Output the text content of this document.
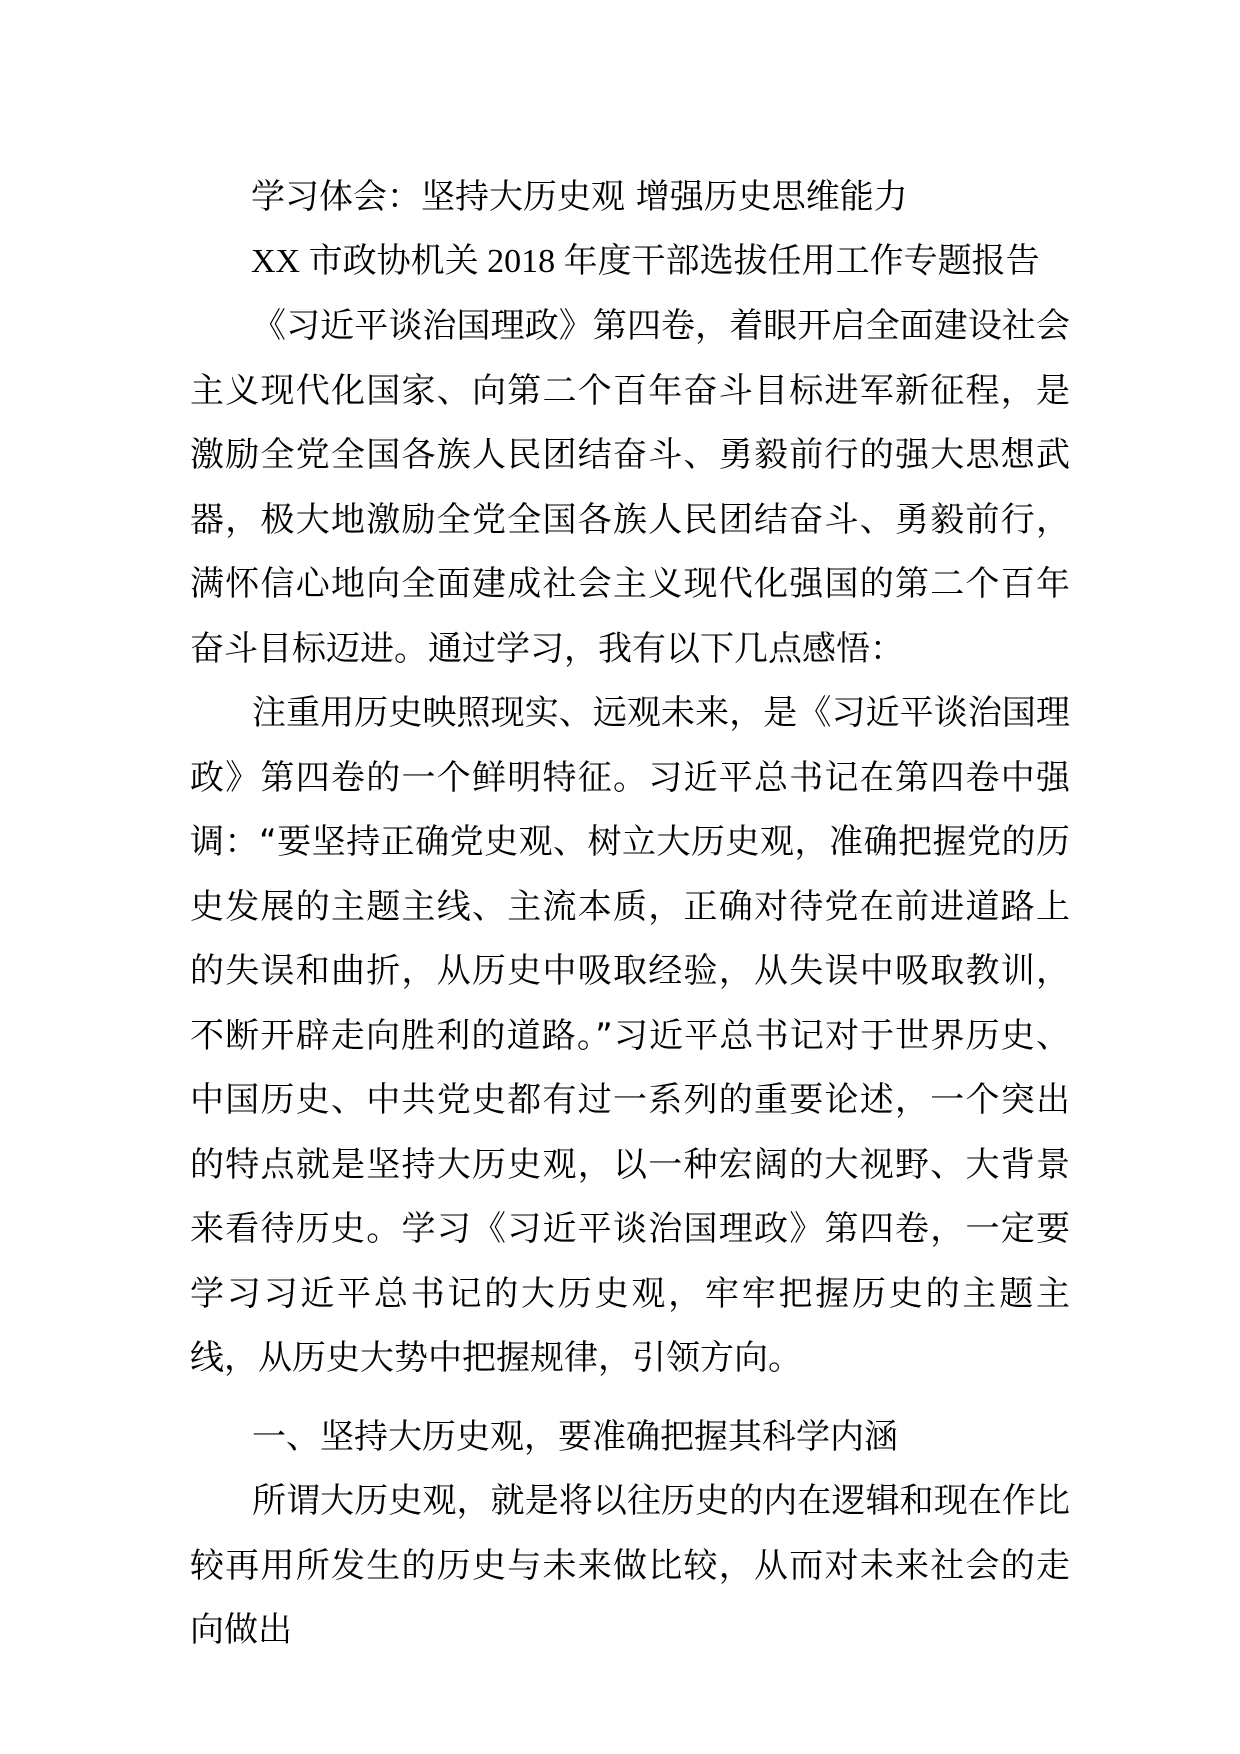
学习体会：坚持大历史观 增强历史思维能力

XX 市政协机关 2018 年度干部选拔任用工作专题报告

《习近平谈治国理政》第四卷，着眼开启全面建设社会主义现代化国家、向第二个百年奋斗目标进军新征程，是激励全党全国各族人民团结奋斗、勇毅前行的强大思想武器，极大地激励全党全国各族人民团结奋斗、勇毅前行，满怀信心地向全面建成社会主义现代化强国的第二个百年奋斗目标迈进。通过学习，我有以下几点感悟：

注重用历史映照现实、远观未来，是《习近平谈治国理政》第四卷的一个鲜明特征。习近平总书记在第四卷中强调：“要坚持正确党史观、树立大历史观，准确把握党的历史发展的主题主线、主流本质，正确对待党在前进道路上的失误和曲折，从历史中吸取经验，从失误中吸取教训，不断开辟走向胜利的道路。”习近平总书记对于世界历史、中国历史、中共党史都有过一系列的重要论述，一个突出的特点就是坚持大历史观，以一种宏阔的大视野、大背景来看待历史。学习《习近平谈治国理政》第四卷，一定要学习习近平总书记的大历史观，牢牢把握历史的主题主线，从历史大势中把握规律，引领方向。

一、坚持大历史观，要准确把握其科学内涵

所谓大历史观，就是将以往历史的内在逻辑和现在作比较再用所发生的历史与未来做比较，从而对未来社会的走向做出
